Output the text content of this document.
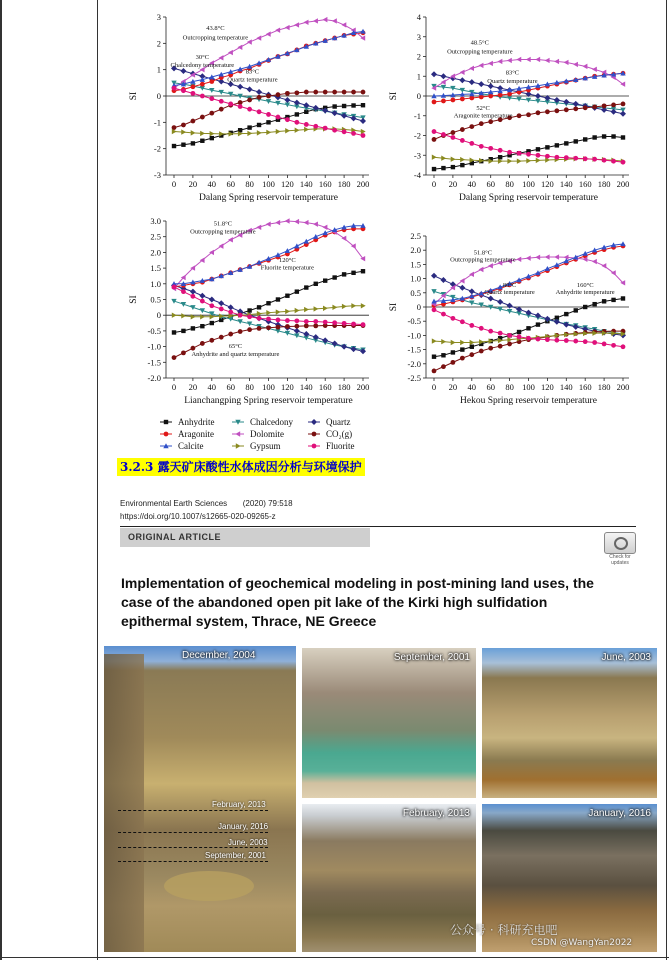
-3
-2
-1
0
1
2
3
0 20 40 60 80 100 120 140 160 180 200
SI
Dalang Spring reservoir temperature
43.8°C
Outcropping temperature
30°C
Chalcedony temperature
83°C
Quartz temperature
-4
-3
-2
-1
0
1
2
3
4
0 20 40 60 80 100 120 140 160 180 200
SI
Dalang Spring reservoir temperature
48.5°C
Outcropping temperature
83°C
Quartz temperature
52°C
Aragonite temperature
-2.0
-1.5
-1.0
-0.5
0
0.5
1.0
1.5
2.0
2.5
3.0
0 20 40 60 80 100 120 140 160 180 200
SI
Lianchangping Spring reservoir temperature
51.8°C
Outcropping temperature
120°C
Fluorite temperature
65°C
Anhydrite and quartz temperature
-2.5
-2.0
-1.5
-1.0
-0.5
0
0.5
1.0
1.5
2.0
2.5
0 20 40 60 80 100 120 140 160 180 200
SI
Hekou Spring reservoir temperature
51.8°C
Outcropping temperature
80°C
Quartz temperature
160°C
Anhydrite temperature
Anhydrite	Chalcedony	Quartz
Aragonite	Dolomite	CO₂(g)
Calcite	Gypsum	Fluorite
3.2.3 露天矿床酸性水体成因分析与环境保护
Environmental Earth Sciences (2020) 79:518
https://doi.org/10.1007/s12665-020-09265-z
ORIGINAL ARTICLE
Check for
updates
Implementation of geochemical modeling in post-mining land uses, the case of the abandoned open pit lake of the Kirki high sulfidation epithermal system, Thrace, NE Greece
December, 2004
February, 2013
January, 2016
June, 2003
September, 2001
September, 2001	June, 2003
February, 2013	January, 2016
公众号 · 科研充电吧
CSDN @WangYan2022
